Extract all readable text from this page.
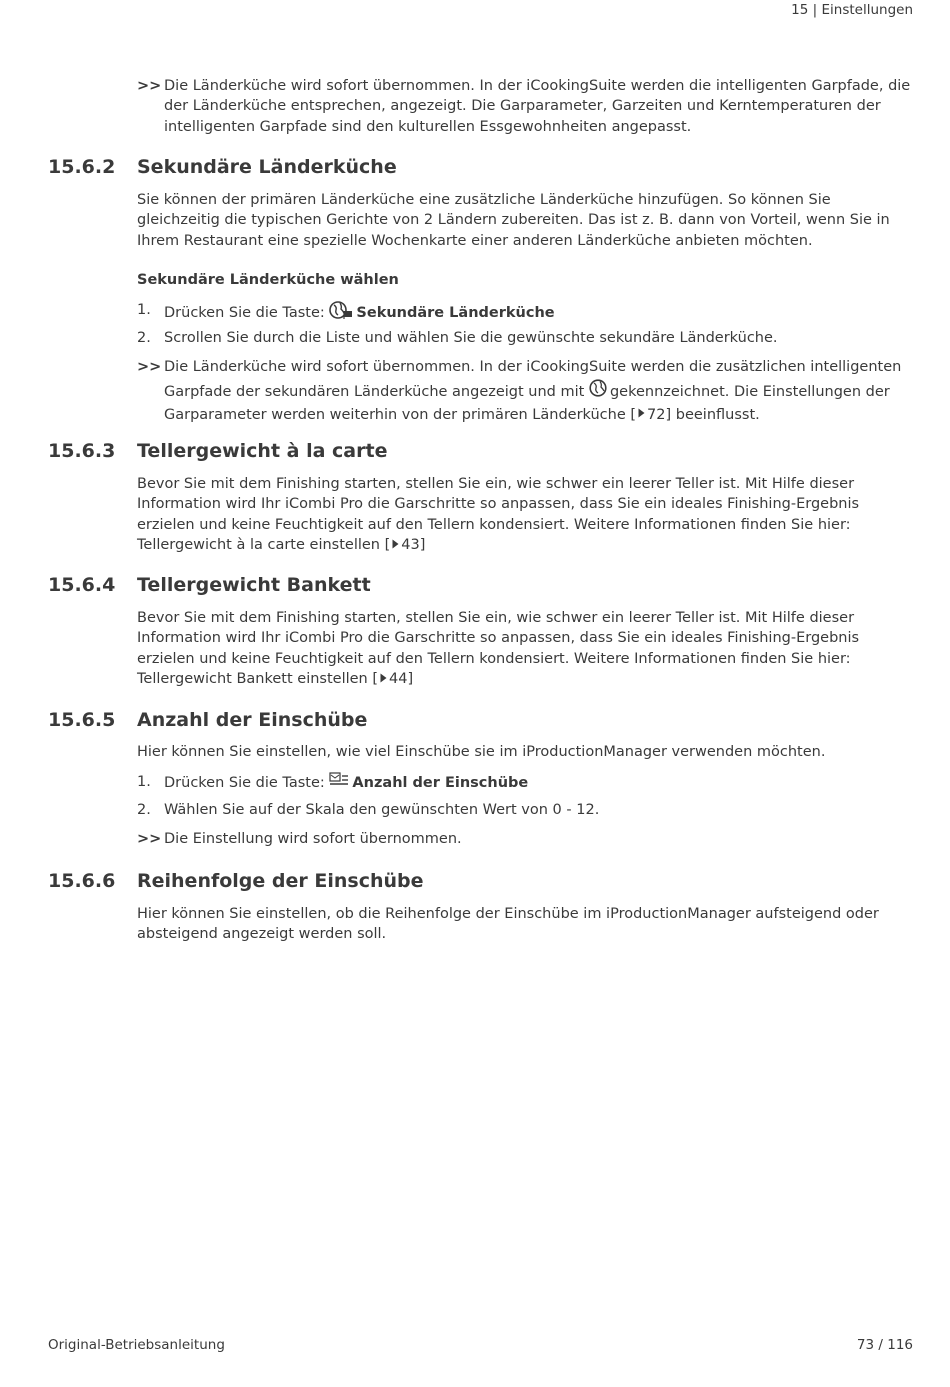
15 | Einstellungen
>> Die Länderküche wird sofort übernommen. In der iCookingSuite werden die intelligenten Garpfade, die der Länderküche entsprechen, angezeigt. Die Garparameter, Garzeiten und Kerntemperaturen der intelligenten Garpfade sind den kulturellen Essgewohnheiten angepasst.
15.6.2 Sekundäre Länderküche
Sie können der primären Länderküche eine zusätzliche Länderküche hinzufügen. So können Sie gleichzeitig die typischen Gerichte von 2 Ländern zubereiten. Das ist z. B. dann von Vorteil, wenn Sie in Ihrem Restaurant eine spezielle Wochenkarte einer anderen Länderküche anbieten möchten.
Sekundäre Länderküche wählen
1. Drücken Sie die Taste: Sekundäre Länderküche
2. Scrollen Sie durch die Liste und wählen Sie die gewünschte sekundäre Länderküche.
>> Die Länderküche wird sofort übernommen. In der iCookingSuite werden die zusätzlichen intelligenten Garpfade der sekundären Länderküche angezeigt und mit gekennzeichnet. Die Einstellungen der Garparameter werden weiterhin von der primären Länderküche [ 72] beeinflusst.
15.6.3 Tellergewicht à la carte
Bevor Sie mit dem Finishing starten, stellen Sie ein, wie schwer ein leerer Teller ist. Mit Hilfe dieser Information wird Ihr iCombi Pro die Garschritte so anpassen, dass Sie ein ideales Finishing-Ergebnis erzielen und keine Feuchtigkeit auf den Tellern kondensiert. Weitere Informationen finden Sie hier: Tellergewicht à la carte einstellen [ 43]
15.6.4 Tellergewicht Bankett
Bevor Sie mit dem Finishing starten, stellen Sie ein, wie schwer ein leerer Teller ist. Mit Hilfe dieser Information wird Ihr iCombi Pro die Garschritte so anpassen, dass Sie ein ideales Finishing-Ergebnis erzielen und keine Feuchtigkeit auf den Tellern kondensiert. Weitere Informationen finden Sie hier: Tellergewicht Bankett einstellen [ 44]
15.6.5 Anzahl der Einschübe
Hier können Sie einstellen, wie viel Einschübe sie im iProductionManager verwenden möchten.
1. Drücken Sie die Taste: Anzahl der Einschübe
2. Wählen Sie auf der Skala den gewünschten Wert von 0 - 12.
>> Die Einstellung wird sofort übernommen.
15.6.6 Reihenfolge der Einschübe
Hier können Sie einstellen, ob die Reihenfolge der Einschübe im iProductionManager aufsteigend oder absteigend angezeigt werden soll.
Original-Betriebsanleitung	73 / 116
